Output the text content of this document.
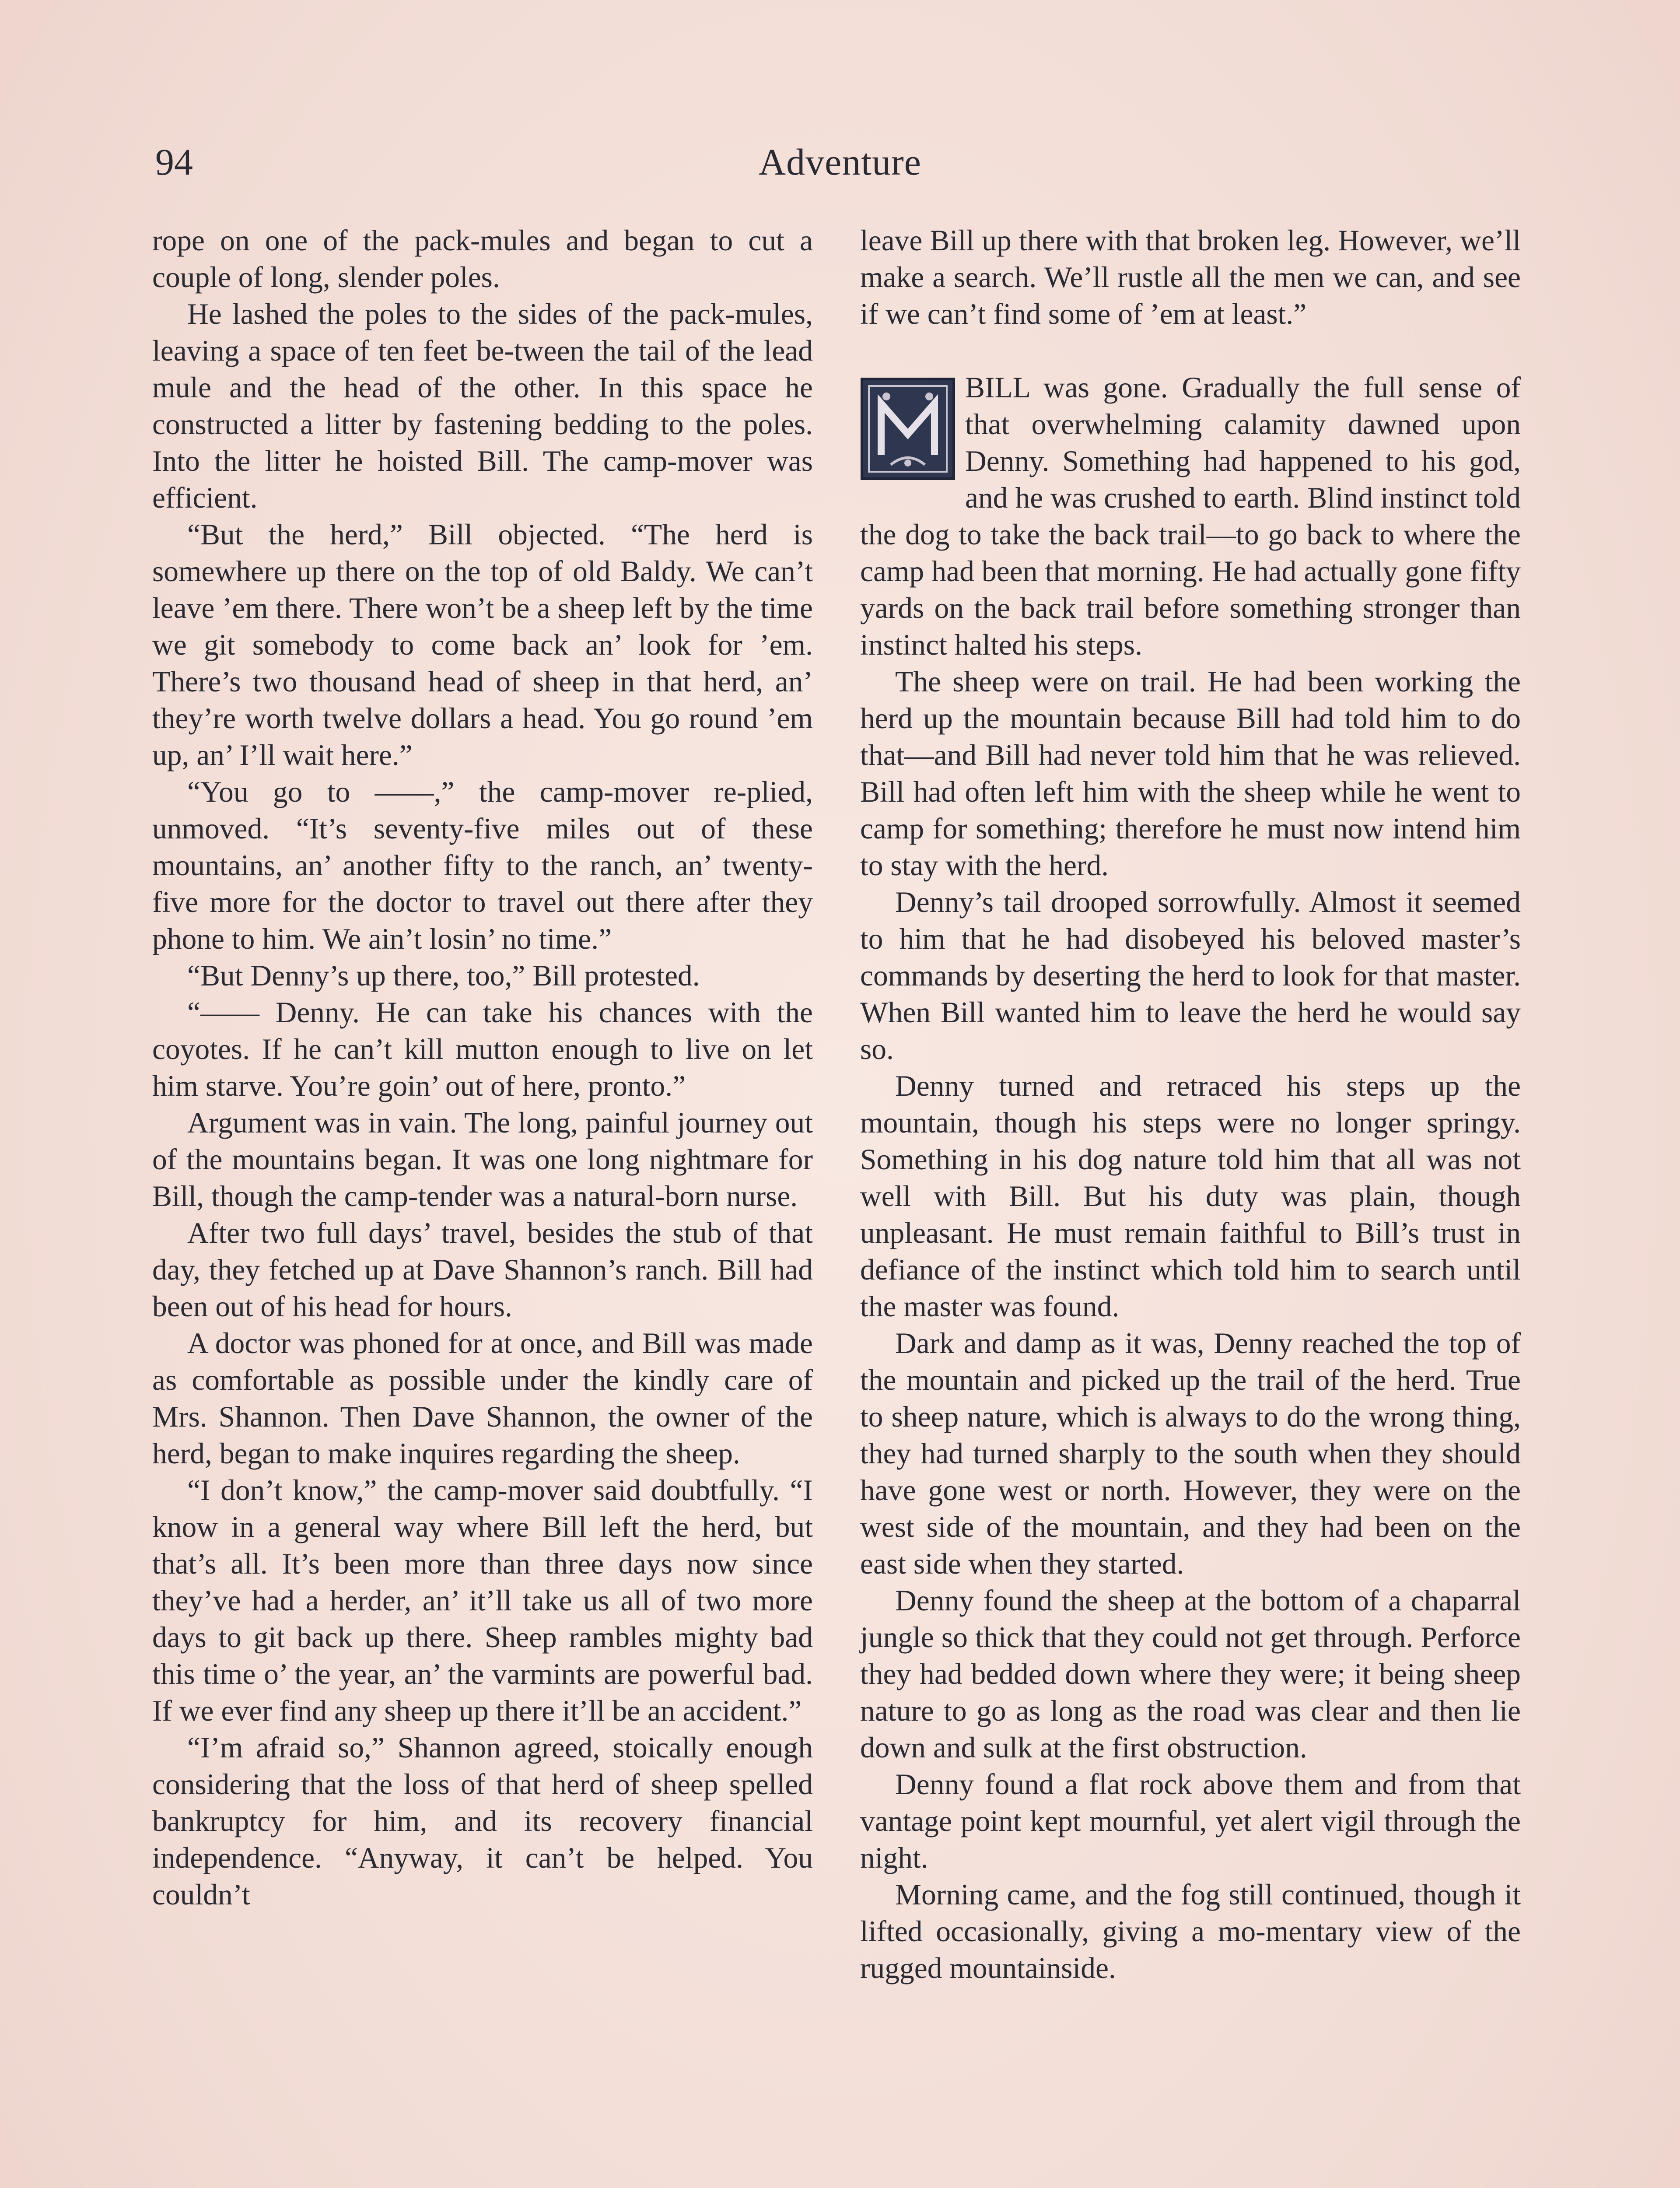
94	Adventure

rope on one of the pack-mules and began to cut a couple of long, slender poles.

He lashed the poles to the sides of the pack-mules, leaving a space of ten feet be-tween the tail of the lead mule and the head of the other. In this space he constructed a litter by fastening bedding to the poles. Into the litter he hoisted Bill. The camp-mover was efficient.

“But the herd,” Bill objected. “The herd is somewhere up there on the top of old Baldy. We can’t leave ’em there. There won’t be a sheep left by the time we git somebody to come back an’ look for ’em. There’s two thousand head of sheep in that herd, an’ they’re worth twelve dollars a head. You go round ’em up, an’ I’ll wait here.”

“You go to ——,” the camp-mover re-plied, unmoved. “It’s seventy-five miles out of these mountains, an’ another fifty to the ranch, an’ twenty-five more for the doctor to travel out there after they phone to him. We ain’t losin’ no time.”

“But Denny’s up there, too,” Bill protested.

“—— Denny. He can take his chances with the coyotes. If he can’t kill mutton enough to live on let him starve. You’re goin’ out of here, pronto.”

Argument was in vain. The long, painful journey out of the mountains began. It was one long nightmare for Bill, though the camp-tender was a natural-born nurse.

After two full days’ travel, besides the stub of that day, they fetched up at Dave Shannon’s ranch. Bill had been out of his head for hours.

A doctor was phoned for at once, and Bill was made as comfortable as possible under the kindly care of Mrs. Shannon. Then Dave Shannon, the owner of the herd, began to make inquires regarding the sheep.

“I don’t know,” the camp-mover said doubtfully. “I know in a general way where Bill left the herd, but that’s all. It’s been more than three days now since they’ve had a herder, an’ it’ll take us all of two more days to git back up there. Sheep rambles mighty bad this time o’ the year, an’ the varmints are powerful bad. If we ever find any sheep up there it’ll be an accident.”

“I’m afraid so,” Shannon agreed, stoically enough considering that the loss of that herd of sheep spelled bankruptcy for him, and its recovery financial independence. “Anyway, it can’t be helped. You couldn’t

leave Bill up there with that broken leg. However, we’ll make a search. We’ll rustle all the men we can, and see if we can’t find some of ’em at least.”

BILL was gone. Gradually the full sense of that overwhelming calamity dawned upon Denny. Something had happened to his god, and he was crushed to earth. Blind instinct told the dog to take the back trail—to go back to where the camp had been that morning. He had actually gone fifty yards on the back trail before something stronger than instinct halted his steps.

The sheep were on trail. He had been working the herd up the mountain because Bill had told him to do that—and Bill had never told him that he was relieved. Bill had often left him with the sheep while he went to camp for something; therefore he must now intend him to stay with the herd.

Denny’s tail drooped sorrowfully. Almost it seemed to him that he had disobeyed his beloved master’s commands by deserting the herd to look for that master. When Bill wanted him to leave the herd he would say so.

Denny turned and retraced his steps up the mountain, though his steps were no longer springy. Something in his dog nature told him that all was not well with Bill. But his duty was plain, though unpleasant. He must remain faithful to Bill’s trust in defiance of the instinct which told him to search until the master was found.

Dark and damp as it was, Denny reached the top of the mountain and picked up the trail of the herd. True to sheep nature, which is always to do the wrong thing, they had turned sharply to the south when they should have gone west or north. However, they were on the west side of the mountain, and they had been on the east side when they started.

Denny found the sheep at the bottom of a chaparral jungle so thick that they could not get through. Perforce they had bedded down where they were; it being sheep nature to go as long as the road was clear and then lie down and sulk at the first obstruction.

Denny found a flat rock above them and from that vantage point kept mournful, yet alert vigil through the night.

Morning came, and the fog still continued, though it lifted occasionally, giving a mo-mentary view of the rugged mountainside.
